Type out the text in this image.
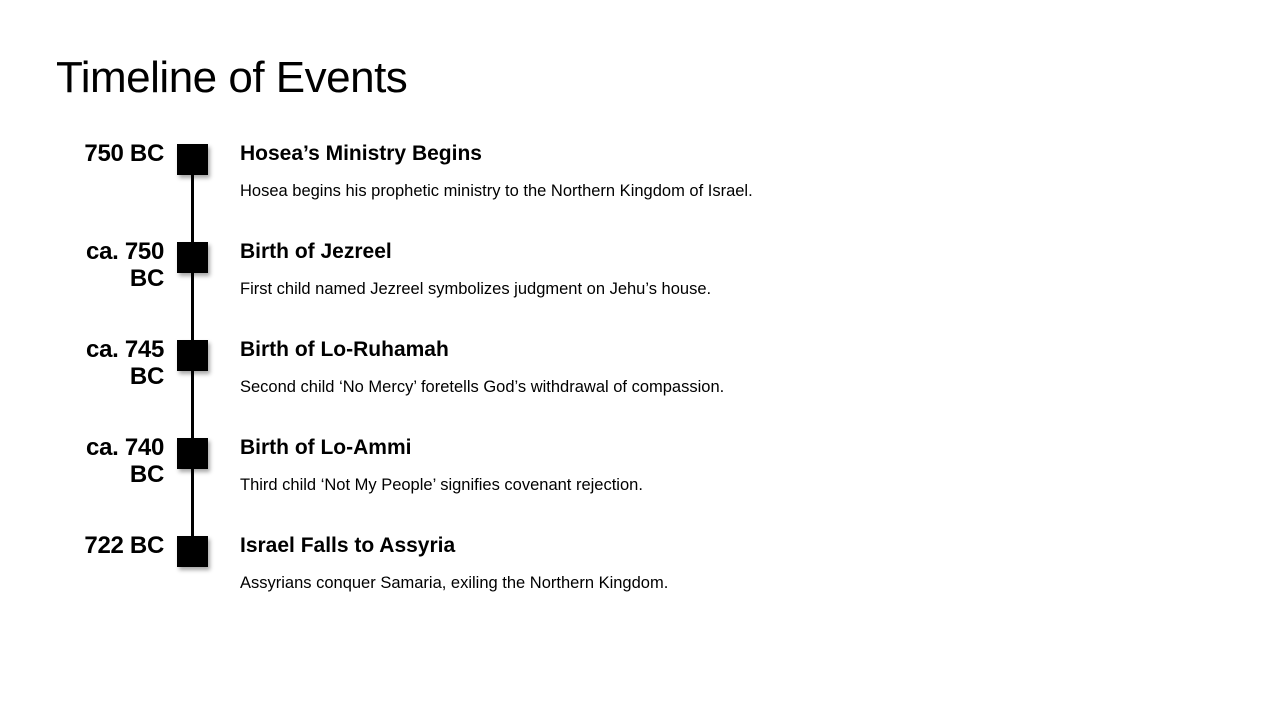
Timeline of Events
750 BC	Hosea’s Ministry Begins

Hosea begins his prophetic ministry to the Northern Kingdom of Israel.

ca. 750 BC
Birth of Jezreel

First child named Jezreel symbolizes judgment on Jehu’s house.

ca. 745 BC
Birth of Lo-Ruhamah

Second child ‘No Mercy’ foretells God’s withdrawal of compassion.

ca. 740 BC
Birth of Lo-Ammi

Third child ‘Not My People’ signifies covenant rejection.

722 BC	Israel Falls to Assyria

Assyrians conquer Samaria, exiling the Northern Kingdom.
